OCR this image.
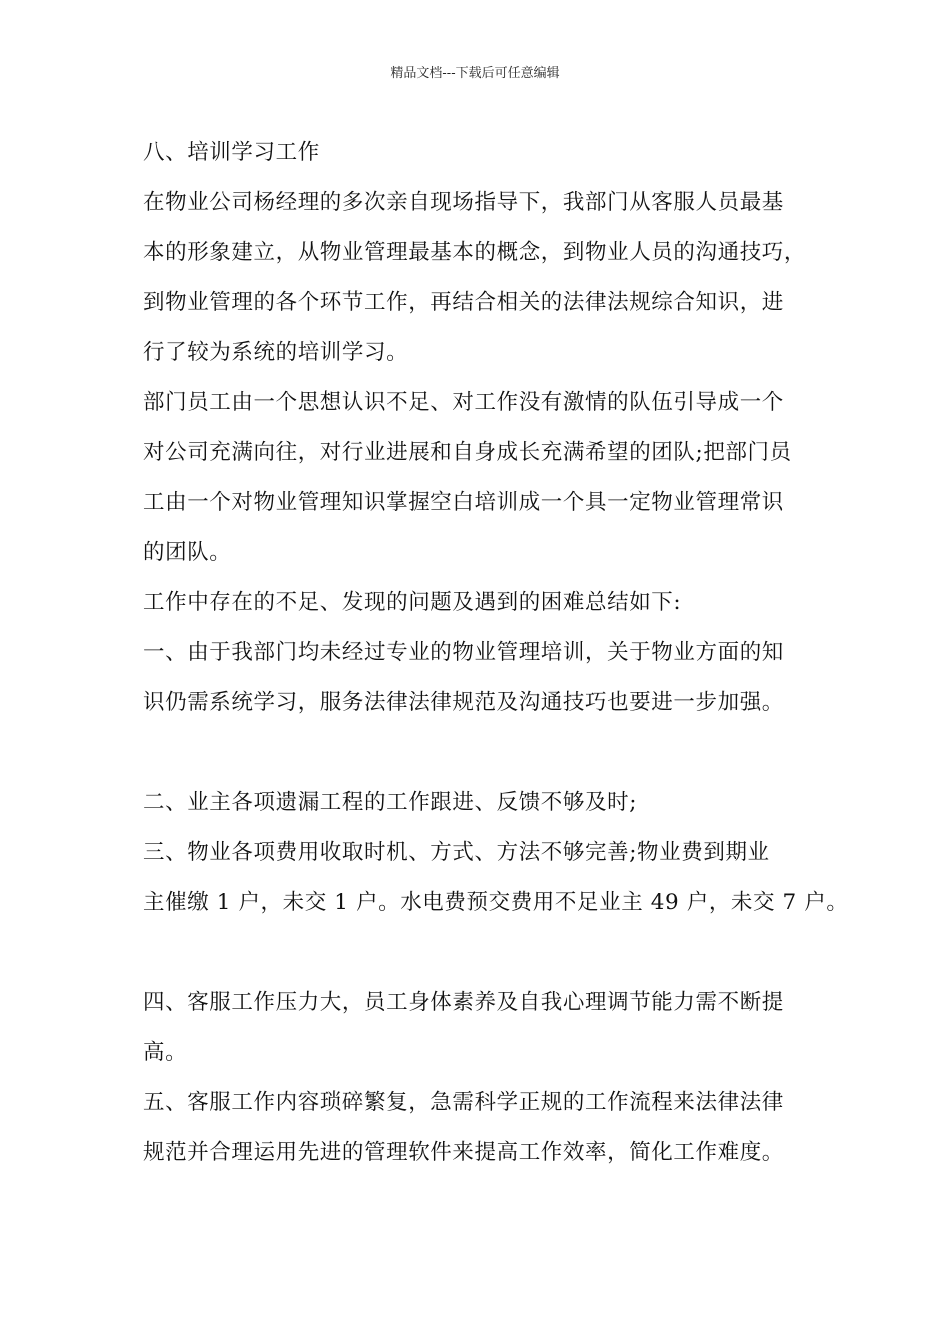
精品文档---下载后可任意编辑
八、培训学习工作
在物业公司杨经理的多次亲自现场指导下，我部门从客服人员最基
本的形象建立，从物业管理最基本的概念，到物业人员的沟通技巧，
到物业管理的各个环节工作，再结合相关的法律法规综合知识，进
行了较为系统的培训学习。
部门员工由一个思想认识不足、对工作没有激情的队伍引导成一个
对公司充满向往，对行业进展和自身成长充满希望的团队;把部门员
工由一个对物业管理知识掌握空白培训成一个具一定物业管理常识
的团队。
工作中存在的不足、发现的问题及遇到的困难总结如下:
一、由于我部门均未经过专业的物业管理培训，关于物业方面的知
识仍需系统学习，服务法律法律规范及沟通技巧也要进一步加强。
二、业主各项遗漏工程的工作跟进、反馈不够及时;
三、物业各项费用收取时机、方式、方法不够完善;物业费到期业
主催缴 1 户，未交 1 户。水电费预交费用不足业主 49 户，未交 7 户。
四、客服工作压力大，员工身体素养及自我心理调节能力需不断提
高。
五、客服工作内容琐碎繁复，急需科学正规的工作流程来法律法律
规范并合理运用先进的管理软件来提高工作效率，简化工作难度。
